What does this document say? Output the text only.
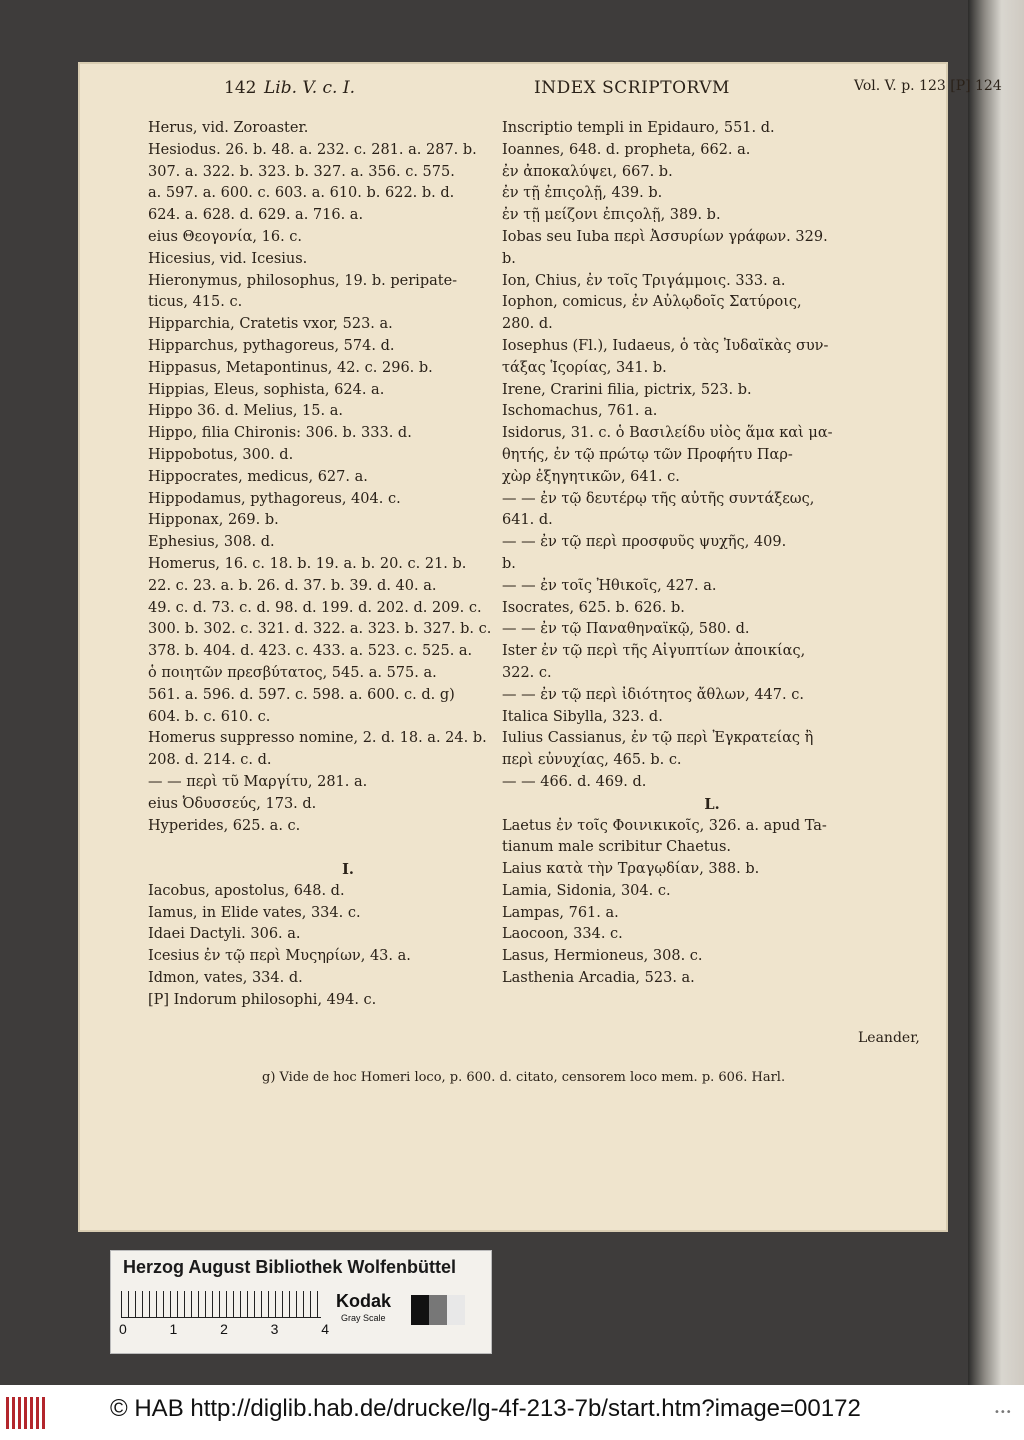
142 Lib. V. c. I.	INDEX SCRIPTORVM	Vol. V. p. 123 [P] 124
Herus, vid. Zoroaster.
Hesiodus. 26. b. 48. a. 232. c. 281. a. 287. b.
307. a. 322. b. 323. b. 327. a. 356. c. 575.
a. 597. a. 600. c. 603. a. 610. b. 622. b. d.
624. a. 628. d. 629. a. 716. a.
eius Θεογονία, 16. c.
Hicesius, vid. Icesius.
Hieronymus, philosophus, 19. b. peripate-
ticus, 415. c.
Hipparchia, Cratetis vxor, 523. a.
Hipparchus, pythagoreus, 574. d.
Hippasus, Metapontinus, 42. c. 296. b.
Hippias, Eleus, sophista, 624. a.
Hippo 36. d. Melius, 15. a.
Hippo, filia Chironis: 306. b. 333. d.
Hippobotus, 300. d.
Hippocrates, medicus, 627. a.
Hippodamus, pythagoreus, 404. c.
Hipponax, 269. b.
Ephesius, 308. d.
Homerus, 16. c. 18. b. 19. a. b. 20. c. 21. b.
22. c. 23. a. b. 26. d. 37. b. 39. d. 40. a.
49. c. d. 73. c. d. 98. d. 199. d. 202. d. 209. c.
300. b. 302. c. 321. d. 322. a. 323. b. 327. b. c.
378. b. 404. d. 423. c. 433. a. 523. c. 525. a.
ὁ ποιητῶν πρεσβύτατος, 545. a. 575. a.
561. a. 596. d. 597. c. 598. a. 600. c. d. g)
604. b. c. 610. c.
Homerus suppresso nomine, 2. d. 18. a. 24. b.
208. d. 214. c. d.
— — περὶ τῦ Μαργίτυ, 281. a.
eius Ὀδυσσεύς, 173. d.
Hyperides, 625. a. c.
I.
Iacobus, apostolus, 648. d.
Iamus, in Elide vates, 334. c.
Idaei Dactyli. 306. a.
Icesius ἐν τῷ περὶ Μυςηρίων, 43. a.
Idmon, vates, 334. d.
[P] Indorum philosophi, 494. c.
Inscriptio templi in Epidauro, 551. d.
Ioannes, 648. d. propheta, 662. a.
ἐν ἀποκαλύψει, 667. b.
ἐν τῇ ἐπιςολῇ, 439. b.
ἐν τῇ μείζονι ἐπιςολῇ, 389. b.
Iobas seu Iuba περὶ Ἀσσυρίων γράφων. 329.
b.
Ion, Chius, ἐν τοῖς Τριγάμμοις. 333. a.
Iophon, comicus, ἐν Αὐλῳδοῖς Σατύροις,
280. d.
Iosephus (Fl.), Iudaeus, ὁ τὰς Ἰυδαϊκὰς συν-
τάξας Ἱςορίας, 341. b.
Irene, Crarini filia, pictrix, 523. b.
Ischomachus, 761. a.
Isidorus, 31. c. ὁ Βασιλείδυ υἱὸς ἅμα καὶ μα-
θητής, ἐν τῷ πρώτῳ τῶν Προφήτυ Παρ-
χὼρ ἐξηγητικῶν, 641. c.
— — ἐν τῷ δευτέρῳ τῆς αὐτῆς συντάξεως,
641. d.
— — ἐν τῷ περὶ προσφυῦς ψυχῆς, 409.
b.
— — ἐν τοῖς Ἠθικοῖς, 427. a.
Isocrates, 625. b. 626. b.
— — ἐν τῷ Παναθηναϊκῷ, 580. d.
Ister ἐν τῷ περὶ τῆς Αἰγυπτίων ἀποικίας,
322. c.
— — ἐν τῷ περὶ ἰδιότητος ἄθλων, 447. c.
Italica Sibylla, 323. d.
Iulius Cassianus, ἐν τῷ περὶ Ἐγκρατείας ἢ
περὶ εὐνυχίας, 465. b. c.
— — 466. d. 469. d.
L.
Laetus ἐν τοῖς Φοινικικοῖς, 326. a. apud Ta-
tianum male scribitur Chaetus.
Laius κατὰ τὴν Τραγῳδίαν, 388. b.
Lamia, Sidonia, 304. c.
Lampas, 761. a.
Laocoon, 334. c.
Lasus, Hermioneus, 308. c.
Lasthenia Arcadia, 523. a.
Leander,
g) Vide de hoc Homeri loco, p. 600. d. citato, censorem loco mem. p. 606. Harl.
Herzog August Bibliothek Wolfenbüttel
0	1	2	3	4
Kodak
Gray Scale
© HAB http://diglib.hab.de/drucke/lg-4f-213-7b/start.htm?image=00172	•••
